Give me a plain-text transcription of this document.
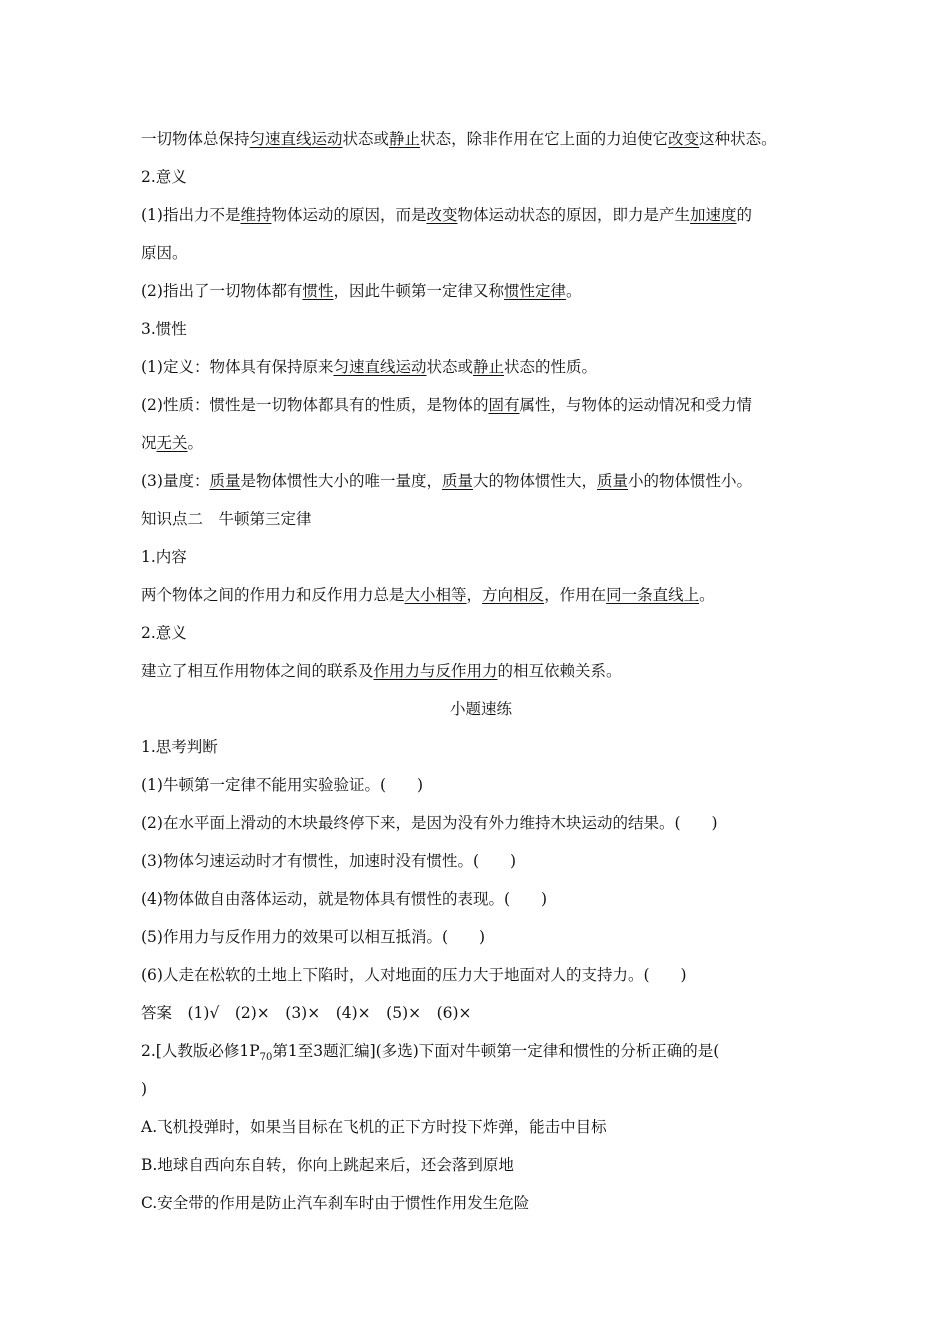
一切物体总保持匀速直线运动状态或静止状态，除非作用在它上面的力迫使它改变这种状态。
2.意义
(1)指出力不是维持物体运动的原因，而是改变物体运动状态的原因，即力是产生加速度的
原因。
(2)指出了一切物体都有惯性，因此牛顿第一定律又称惯性定律。
3.惯性
(1)定义：物体具有保持原来匀速直线运动状态或静止状态的性质。
(2)性质：惯性是一切物体都具有的性质，是物体的固有属性，与物体的运动情况和受力情
况无关。
(3)量度：质量是物体惯性大小的唯一量度，质量大的物体惯性大，质量小的物体惯性小。
知识点二　牛顿第三定律
1.内容
两个物体之间的作用力和反作用力总是大小相等，方向相反，作用在同一条直线上。
2.意义
建立了相互作用物体之间的联系及作用力与反作用力的相互依赖关系。
小题速练
1.思考判断
(1)牛顿第一定律不能用实验验证。(　　)
(2)在水平面上滑动的木块最终停下来，是因为没有外力维持木块运动的结果。(　　)
(3)物体匀速运动时才有惯性，加速时没有惯性。(　　)
(4)物体做自由落体运动，就是物体具有惯性的表现。(　　)
(5)作用力与反作用力的效果可以相互抵消。(　　)
(6)人走在松软的土地上下陷时，人对地面的压力大于地面对人的支持力。(　　)
答案　(1)√　(2)×　(3)×　(4)×　(5)×　(6)×
2.[人教版必修$1P_{70}$第1至3题汇编](多选)下面对牛顿第一定律和惯性的分析正确的是(
)
A.飞机投弹时，如果当目标在飞机的正下方时投下炸弹，能击中目标
B.地球自西向东自转，你向上跳起来后，还会落到原地
C.安全带的作用是防止汽车刹车时由于惯性作用发生危险
